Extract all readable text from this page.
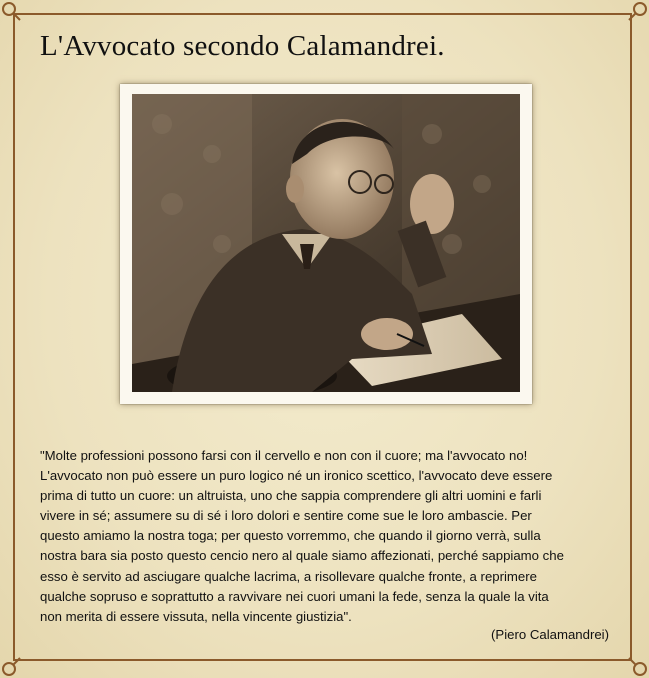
L'Avvocato secondo Calamandrei.
"Molte professioni possono farsi con il cervello e non con il cuore; ma l'avvocato no!
L'avvocato non può essere un puro logico né un ironico scettico, l'avvocato deve essere
prima di tutto un cuore: un altruista, uno che sappia comprendere gli altri uomini e farli
vivere in sé; assumere su di sé i loro dolori e sentire come sue le loro ambascie. Per
questo amiamo la nostra toga; per questo vorremmo, che quando il giorno verrà, sulla
nostra bara sia posto questo cencio nero al quale siamo affezionati, perché sappiamo che
esso è servito ad asciugare qualche lacrima, a risollevare qualche fronte, a reprimere
qualche sopruso e soprattutto a ravvivare nei cuori umani la fede, senza la quale la vita
non merita di essere vissuta, nella vincente giustizia".
(Piero Calamandrei)
